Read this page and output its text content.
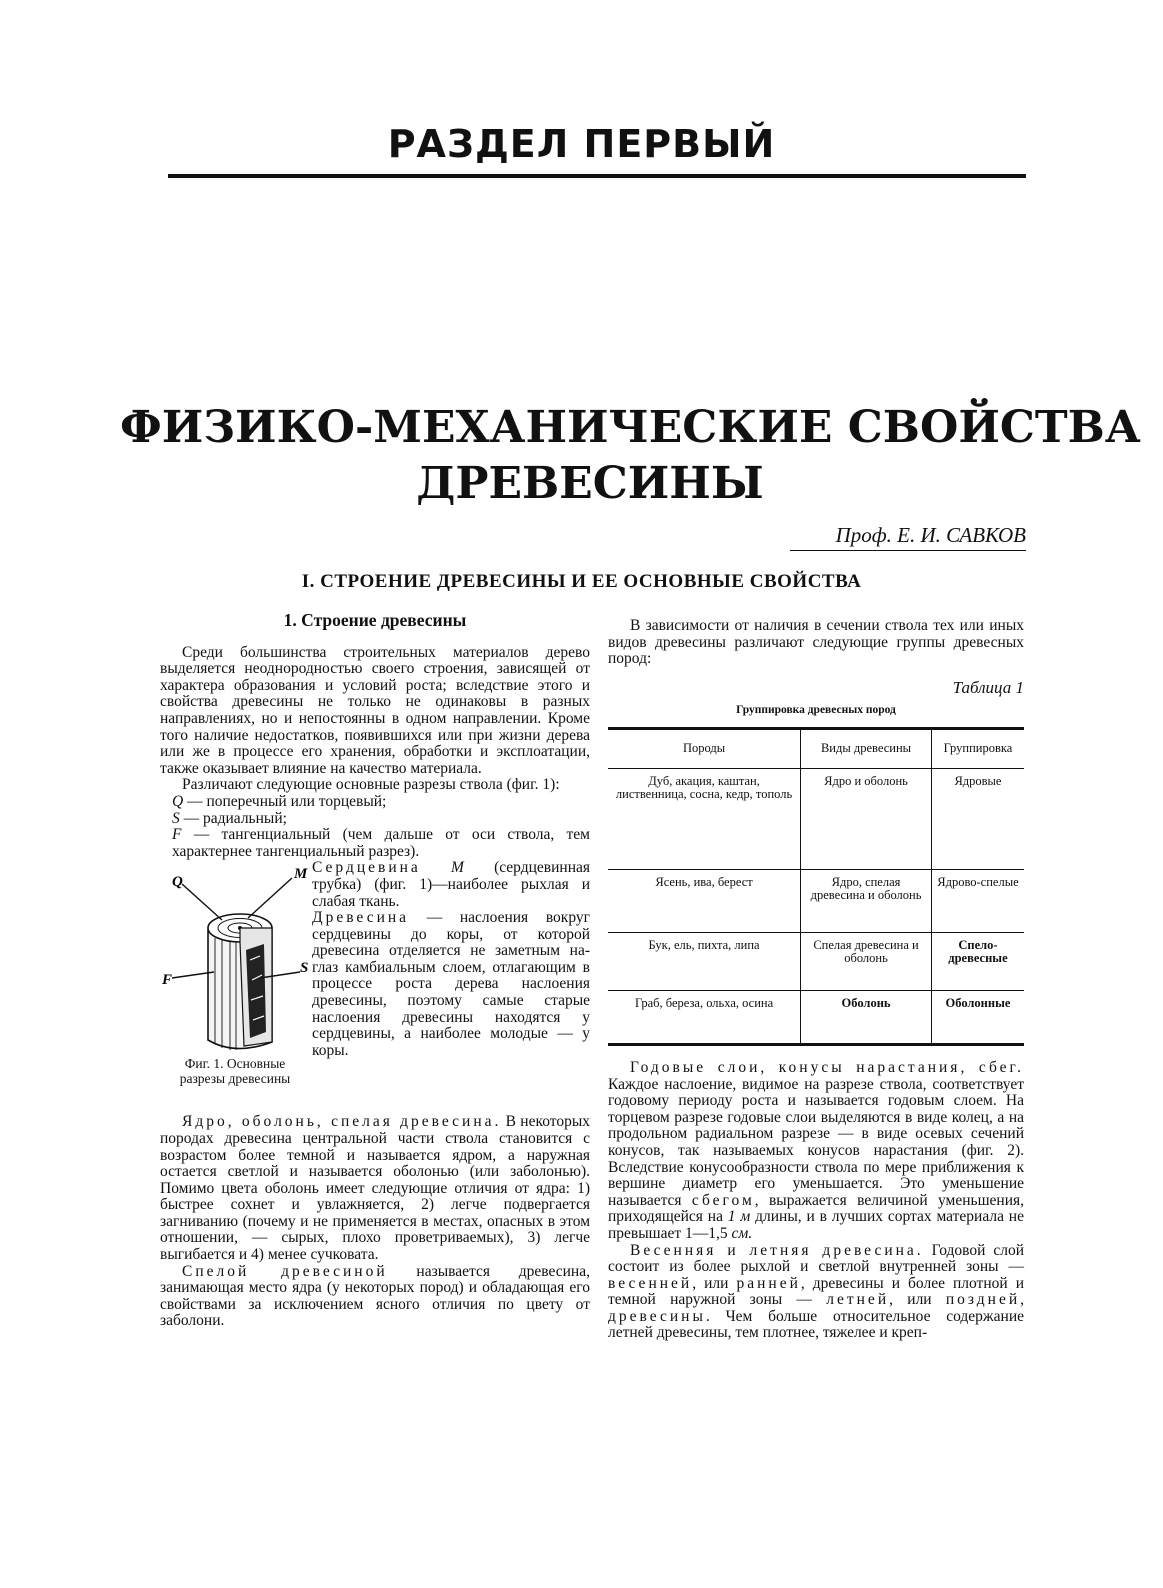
РАЗДЕЛ ПЕРВЫЙ
ФИЗИКО-МЕХАНИЧЕСКИЕ СВОЙСТВА
ДРЕВЕСИНЫ
Проф. Е. И. САВКОВ
I. СТРОЕНИЕ ДРЕВЕСИНЫ И ЕЕ ОСНОВНЫЕ СВОЙСТВА
1. Строение древесины

Среди большинства строительных материалов дерево выделяется неоднородностью своего строения, зависящей от характера образования и условий роста; вследствие этого и свойства древесины не только не одинаковы в разных направлениях, но и непостоянны в одном направлении. Кроме того наличие недостатков, появившихся или при жизни дерева или же в процессе его хранения, обработки и эксплоатации, также оказывает влияние на качество материала.

Различают следующие основные разрезы ствола (фиг. 1):

Q — поперечный или торцевый;
S — радиальный;
F — тангенциальный (чем дальше от оси ствола, тем характернее тангенциальный разрез).
Q	M
F
S
Фиг. 1. Основные
разрезы древесины

Сердцевина M (сердцевинная трубка) (фиг. 1)—наиболее рыхлая и слабая ткань.

Древесина — наслоения вокруг сердцевины до коры, от которой древесина отделяется не заметным на-глаз камбиальным слоем, отлагающим в процессе роста дерева наслоения древесины, поэтому самые старые наслоения древесины находятся у сердцевины, а наиболее молодые — у коры.

Ядро, оболонь, спелая древесина. В некоторых породах древесина центральной части ствола становится с возрастом более темной и называется ядром, а наружная остается светлой и называется оболонью (или заболонью). Помимо цвета оболонь имеет следующие отличия от ядра: 1) быстрее сохнет и увлажняется, 2) легче подвергается загниванию (почему и не применяется в местах, опасных в этом отношении, — сырых, плохо проветриваемых), 3) легче выгибается и 4) менее сучковата.

Спелой древесиной называется древесина, занимающая место ядра (у некоторых пород) и обладающая его свойствами за исключением ясного отличия по цвету от заболони.

В зависимости от наличия в сечении ствола тех или иных видов древесины различают следующие группы древесных пород:

Таблица 1
Группировка древесных пород
Породы	Виды древесины	Группировка
Дуб, акация, каштан, лиственница, сосна, кедр, тополь	Ядро и оболонь	Ядровые
Ясень, ива, берест	Ядро, спелая древесина и оболонь	Ядрово-спелые
Бук, ель, пихта, липа	Спелая древесина и оболонь	Спело-древесные
Граб, береза, ольха, осина	Оболонь	Оболонные

Годовые слои, конусы нарастания, сбег. Каждое наслоение, видимое на разрезе ствола, соответствует годовому периоду роста и называется годовым слоем. На торцевом разрезе годовые слои выделяются в виде колец, а на продольном радиальном разрезе — в виде осевых сечений конусов, так называемых конусов нарастания (фиг. 2). Вследствие конусообразности ствола по мере приближения к вершине диаметр его уменьшается. Это уменьшение называется сбегом, выражается величиной уменьшения, приходящейся на 1 м длины, и в лучших сортах материала не превышает 1—1,5 см.

Весенняя и летняя древесина. Годовой слой состоит из более рыхлой и светлой внутренней зоны — весенней, или ранней, древесины и более плотной и темной наружной зоны — летней, или поздней, древесины. Чем больше относительное содержание летней древесины, тем плотнее, тяжелее и креп-
